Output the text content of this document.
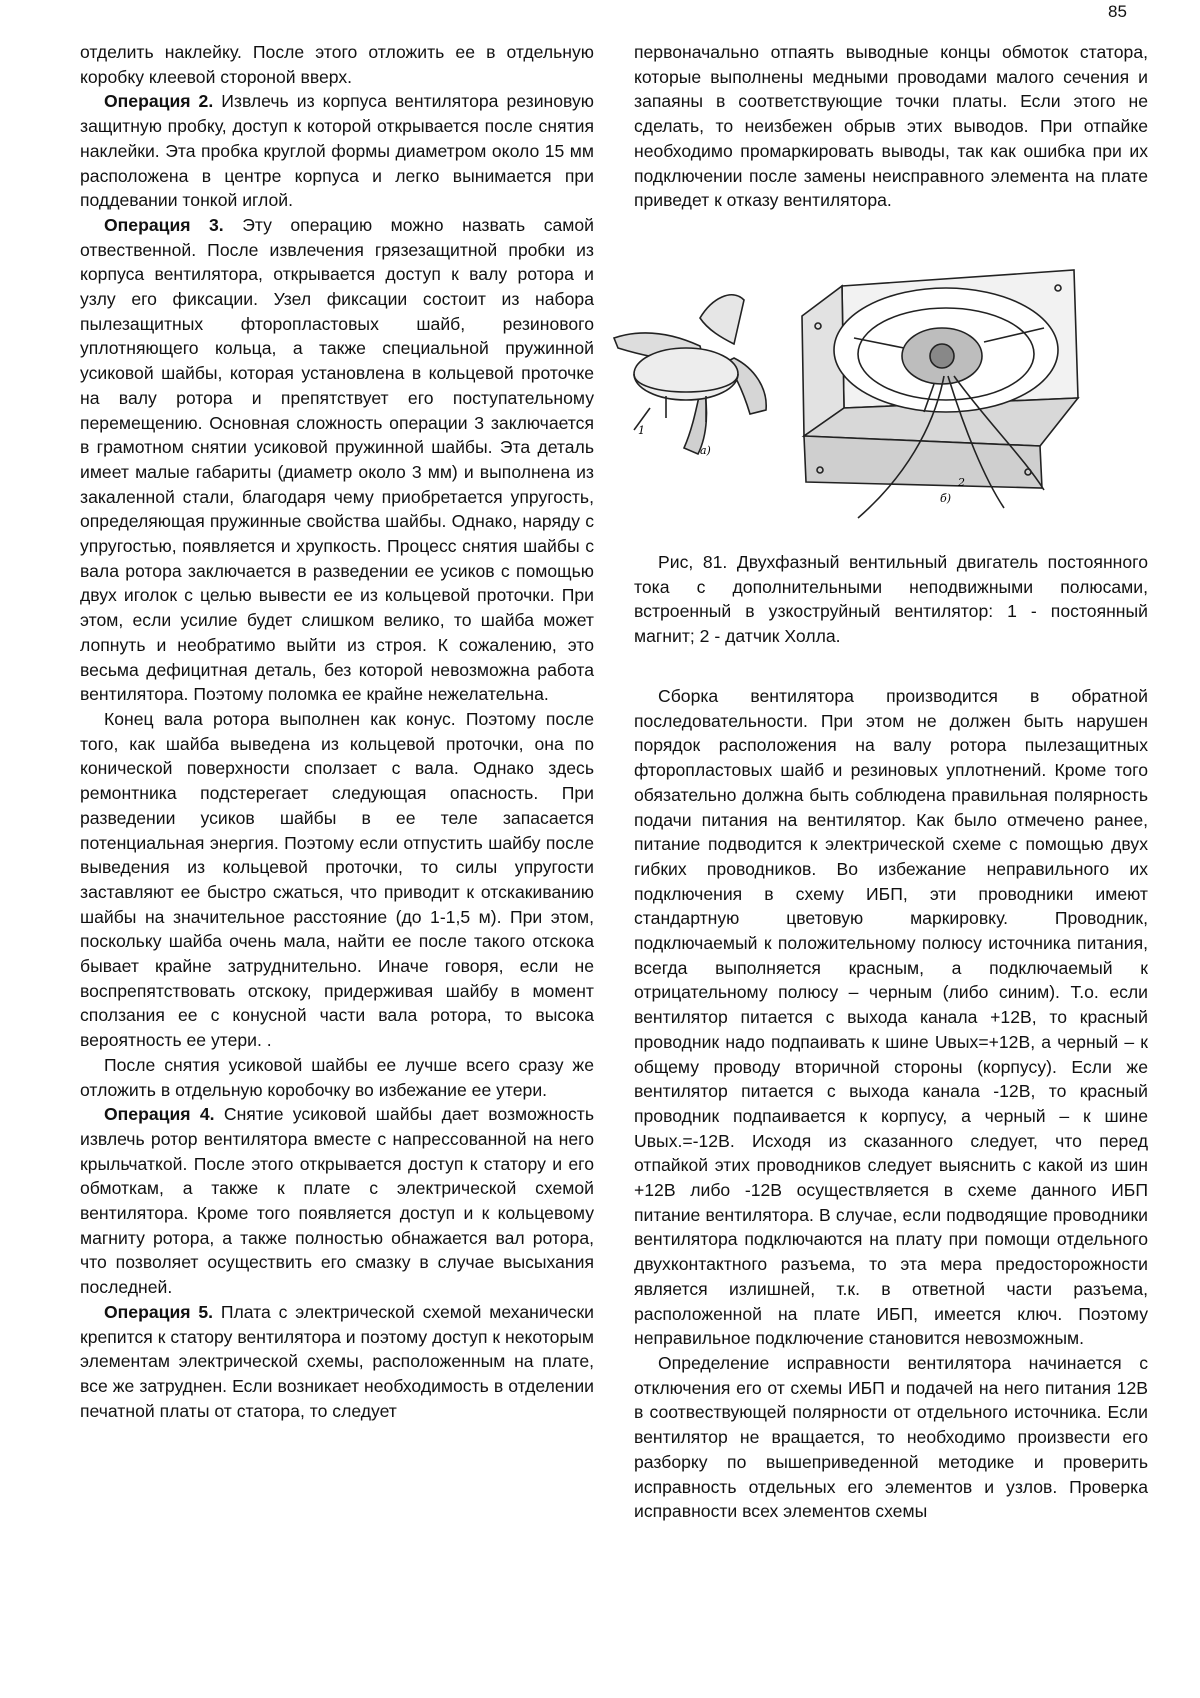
85

отделить наклейку. После этого отложить ее в отдельную коробку клеевой стороной вверх.

Операция 2. Извлечь из корпуса вентилятора резиновую защитную пробку, доступ к которой открывается после снятия наклейки. Эта пробка круглой формы диаметром около 15 мм расположена в центре корпуса и легко вынимается при поддевании тонкой иглой.

Операция 3. Эту операцию можно назвать самой отвественной. После извлечения грязезащитной пробки из корпуса вентилятора, открывается доступ к валу ротора и узлу его фиксации. Узел фиксации состоит из набора пылезащитных фторопластовых шайб, резинового уплотняющего кольца, а также специальной пружинной усиковой шайбы, которая установлена в кольцевой проточке на валу ротора и препятствует его поступательному перемещению. Основная сложность операции 3 заключается в грамотном снятии усиковой пружинной шайбы. Эта деталь имеет малые габариты (диаметр около 3 мм) и выполнена из закаленной стали, благодаря чему приобретается упругость, определяющая пружинные свойства шайбы. Однако, наряду с упругостью, появляется и хрупкость. Процесс снятия шайбы с вала ротора заключается в разведении ее усиков с помощью двух иголок с целью вывести ее из кольцевой проточки. При этом, если усилие будет слишком велико, то шайба может лопнуть и необратимо выйти из строя. К сожалению, это весьма дефицитная деталь, без которой невозможна работа вентилятора. Поэтому поломка ее крайне нежелательна.

Конец вала ротора выполнен как конус. Поэтому после того, как шайба выведена из кольцевой проточки, она по конической поверхности сползает с вала. Однако здесь ремонтника подстерегает следующая опасность. При разведении усиков шайбы в ее теле запасается потенциальная энергия. Поэтому если отпустить шайбу после выведения из кольцевой проточки, то силы упругости заставляют ее быстро сжаться, что приводит к отскакиванию шайбы на значительное расстояние (до 1-1,5 м). При этом, поскольку шайба очень мала, найти ее после такого отскока бывает крайне затруднительно. Иначе говоря, если не воспрепятствовать отскоку, придерживая шайбу в момент сползания ее с конусной части вала ротора, то высока вероятность ее утери. .

После снятия усиковой шайбы ее лучше всего сразу же отложить в отдельную коробочку во избежание ее утери.

Операция 4. Снятие усиковой шайбы дает возможность извлечь ротор вентилятора вместе с напрессованной на него крыльчаткой. После этого открывается доступ к статору и его обмоткам, а также к плате с электрической схемой вентилятора. Кроме того появляется доступ и к кольцевому магниту ротора, а также полностью обнажается вал ротора, что позволяет осуществить его смазку в случае высыхания последней.

Операция 5. Плата с электрической схемой механически крепится к статору вентилятора и поэтому доступ к некоторым элементам электрической схемы, расположенным на плате, все же затруднен. Если возникает необходимость в отделении печатной платы от статора, то следует

первоначально отпаять выводные концы обмоток статора, которые выполнены медными проводами малого сечения и запаяны в соответствующие точки платы. Если этого не сделать, то неизбежен обрыв этих выводов. При отпайке необходимо промаркировать выводы, так как ошибка при их подключении после замены неисправного элемента на плате приведет к отказу вентилятора.

1
а)
2
б)

Рис, 81. Двухфазный вентильный двигатель постоянного тока с дополнительными неподвижными полюсами, встроенный в узкоструйный вентилятор: 1 - постоянный магнит; 2 - датчик Холла.

Сборка вентилятора производится в обратной последовательности. При этом не должен быть нарушен порядок расположения на валу ротора пылезащитных фторопластовых шайб и резиновых уплотнений. Кроме того обязательно должна быть соблюдена правильная полярность подачи питания на вентилятор. Как было отмечено ранее, питание подводится к электрической схеме с помощью двух гибких проводников. Во избежание неправильного их подключения в схему ИБП, эти проводники имеют стандартную цветовую маркировку. Проводник, подключаемый к положительному полюсу источника питания, всегда выполняется красным, а подключаемый к отрицательному полюсу – черным (либо синим). Т.о. если вентилятор питается с выхода канала +12В, то красный проводник надо подпаивать к шине Uвых=+12В, а черный – к общему проводу вторичной стороны (корпусу). Если же вентилятор питается с выхода канала -12В, то красный проводник подпаивается к корпусу, а черный – к шине Uвых.=-12В. Исходя из сказанного следует, что перед отпайкой этих проводников следует выяснить с какой из шин +12В либо -12В осуществляется в схеме данного ИБП питание вентилятора. В случае, если подводящие проводники вентилятора подключаются на плату при помощи отдельного двухконтактного разъема, то эта мера предосторожности является излишней, т.к. в ответной части разъема, расположенной на плате ИБП, имеется ключ. Поэтому неправильное подключение становится невозможным.

Определение исправности вентилятора начинается с отключения его от схемы ИБП и подачей на него питания 12В в соотвествующей полярности от отдельного источника. Если вентилятор не вращается, то необходимо произвести его разборку по вышеприведенной методике и проверить исправность отдельных его элементов и узлов. Проверка исправности всех элементов схемы
